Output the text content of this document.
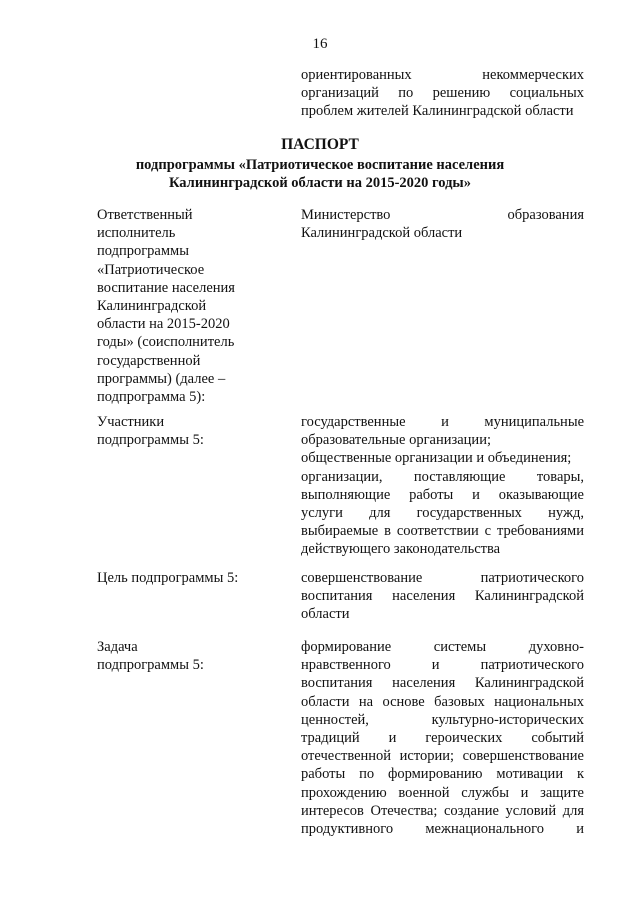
16
ориентированных некоммерческих
организаций по решению социальных
проблем жителей Калининградской области
ПАСПОРТ
подпрограммы «Патриотическое воспитание населения
Калининградской области на 2015-2020 годы»
Ответственный
исполнитель
подпрограммы
«Патриотическое
воспитание населения
Калининградской
области на 2015-2020
годы» (соисполнитель
государственной
программы) (далее –
подпрограмма 5):
Министерство образования
Калининградской области
Участники
подпрограммы 5:
государственные и муниципальные
образовательные организации;
общественные организации и объединения;
организации, поставляющие товары,
выполняющие работы и оказывающие
услуги для государственных нужд,
выбираемые в соответствии с требованиями
действующего законодательства
Цель подпрограммы 5:	совершенствование патриотического
воспитания населения Калининградской
области
Задача
подпрограммы 5:
формирование системы духовно-
нравственного и патриотического
воспитания населения Калининградской
области на основе базовых национальных
ценностей, культурно-исторических
традиций и героических событий
отечественной истории; совершенствование
работы по формированию мотивации к
прохождению военной службы и защите
интересов Отечества; создание условий для
продуктивного межнационального и
